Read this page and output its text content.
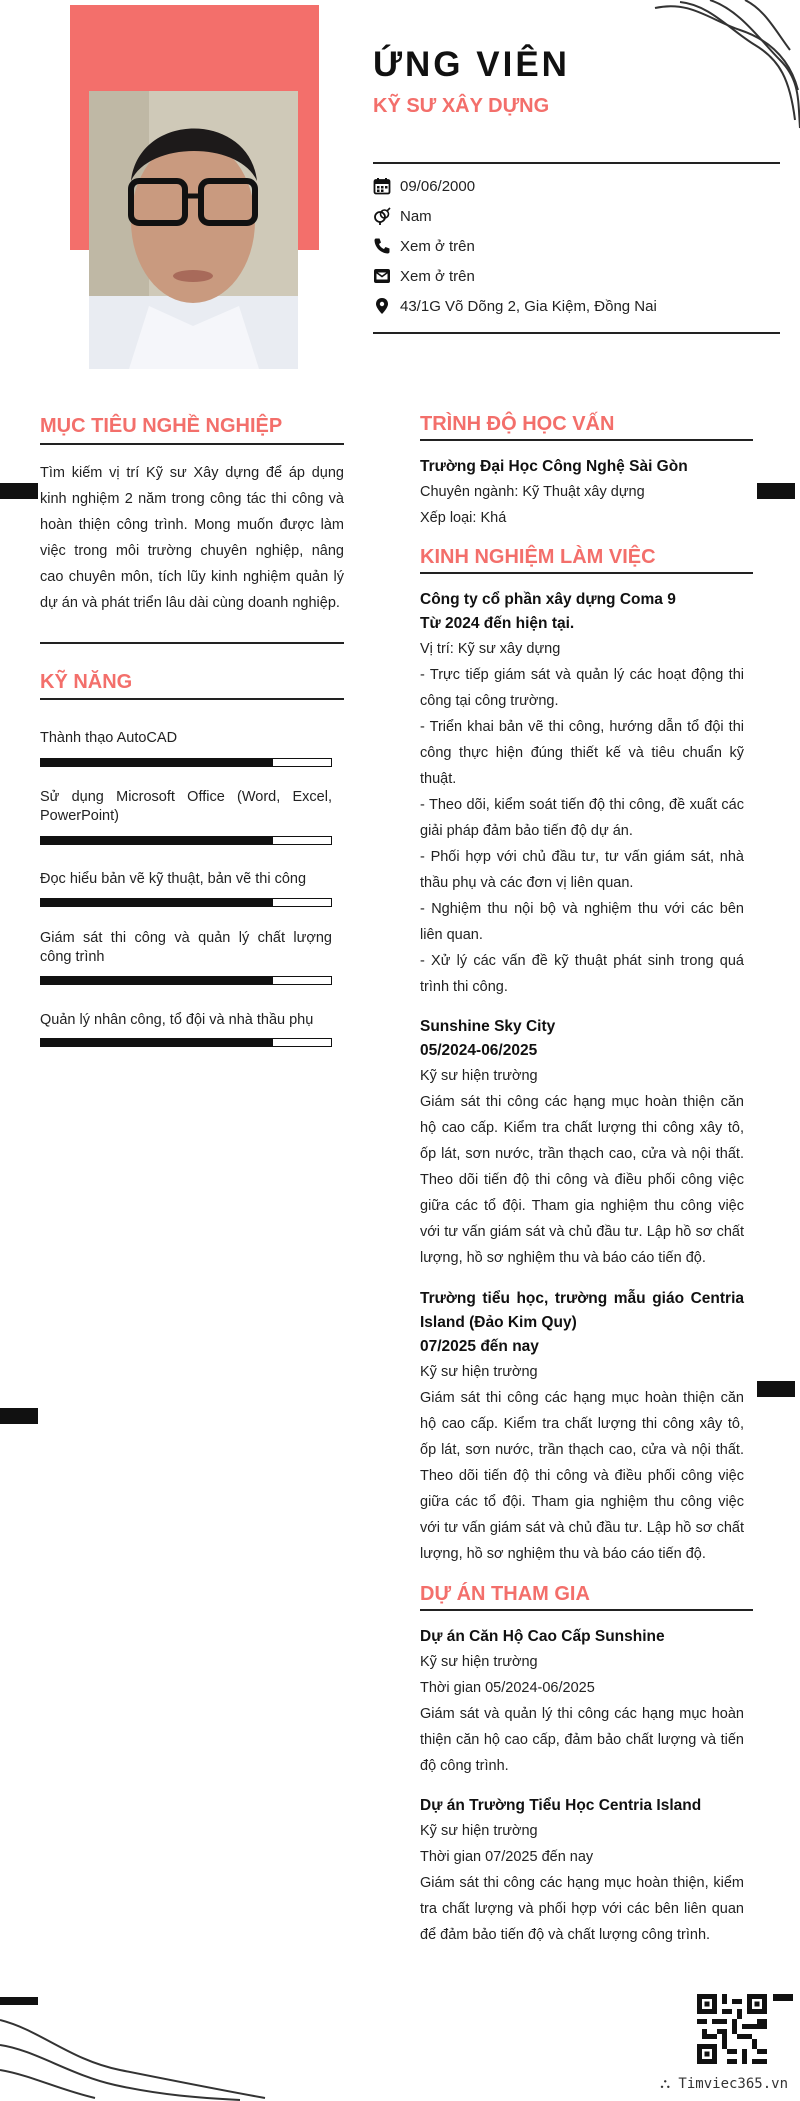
ỨNG VIÊN
KỸ SƯ XÂY DỰNG
09/06/2000
Nam
Xem ở trên
Xem ở trên
43/1G Võ Dõng 2, Gia Kiệm, Đồng Nai
MỤC TIÊU NGHỀ NGHIỆP
Tìm kiếm vị trí Kỹ sư Xây dựng để áp dụng kinh nghiệm 2 năm trong công tác thi công và hoàn thiện công trình. Mong muốn được làm việc trong môi trường chuyên nghiệp, nâng cao chuyên môn, tích lũy kinh nghiệm quản lý dự án và phát triển lâu dài cùng doanh nghiệp.
KỸ NĂNG
Thành thạo AutoCAD
Sử dụng Microsoft Office (Word, Excel, PowerPoint)
Đọc hiểu bản vẽ kỹ thuật, bản vẽ thi công
Giám sát thi công và quản lý chất lượng công trình
Quản lý nhân công, tổ đội và nhà thầu phụ
TRÌNH ĐỘ HỌC VẤN
Trường Đại Học Công Nghệ Sài Gòn
Chuyên ngành: Kỹ Thuật xây dựng
Xếp loại: Khá
KINH NGHIỆM LÀM VIỆC
Công ty cổ phần xây dựng Coma 9
Từ 2024 đến hiện tại.
Vị trí: Kỹ sư xây dựng
- Trực tiếp giám sát và quản lý các hoạt động thi công tại công trường.
- Triển khai bản vẽ thi công, hướng dẫn tổ đội thi công thực hiện đúng thiết kế và tiêu chuẩn kỹ thuật.
- Theo dõi, kiểm soát tiến độ thi công, đề xuất các giải pháp đảm bảo tiến độ dự án.
- Phối hợp với chủ đầu tư, tư vấn giám sát, nhà thầu phụ và các đơn vị liên quan.
- Nghiệm thu nội bộ và nghiệm thu với các bên liên quan.
- Xử lý các vấn đề kỹ thuật phát sinh trong quá trình thi công.
Sunshine Sky City
05/2024-06/2025
Kỹ sư hiện trường
Giám sát thi công các hạng mục hoàn thiện căn hộ cao cấp. Kiểm tra chất lượng thi công xây tô, ốp lát, sơn nước, trần thạch cao, cửa và nội thất. Theo dõi tiến độ thi công và điều phối công việc giữa các tổ đội. Tham gia nghiệm thu công việc với tư vấn giám sát và chủ đầu tư. Lập hồ sơ chất lượng, hồ sơ nghiệm thu và báo cáo tiến độ.
Trường tiểu học, trường mẫu giáo Centria Island (Đảo Kim Quy)
07/2025 đến nay
Kỹ sư hiện trường
Giám sát thi công các hạng mục hoàn thiện căn hộ cao cấp. Kiểm tra chất lượng thi công xây tô, ốp lát, sơn nước, trần thạch cao, cửa và nội thất. Theo dõi tiến độ thi công và điều phối công việc giữa các tổ đội. Tham gia nghiệm thu công việc với tư vấn giám sát và chủ đầu tư. Lập hồ sơ chất lượng, hồ sơ nghiệm thu và báo cáo tiến độ.
DỰ ÁN THAM GIA
Dự án Căn Hộ Cao Cấp Sunshine
Kỹ sư hiện trường
Thời gian 05/2024-06/2025
Giám sát và quản lý thi công các hạng mục hoàn thiện căn hộ cao cấp, đảm bảo chất lượng và tiến độ công trình.
Dự án Trường Tiểu Học Centria Island
Kỹ sư hiện trường
Thời gian 07/2025 đến nay
Giám sát thi công các hạng mục hoàn thiện, kiểm tra chất lượng và phối hợp với các bên liên quan để đảm bảo tiến độ và chất lượng công trình.
⛬ Timviec365.vn
